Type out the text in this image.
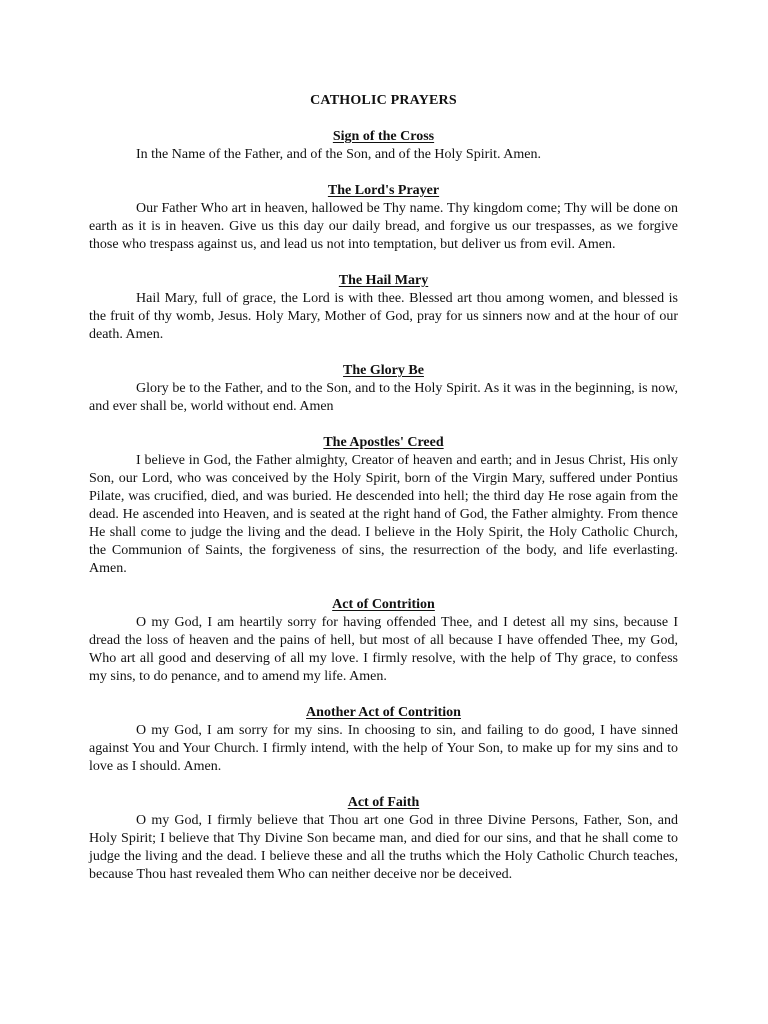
CATHOLIC PRAYERS
Sign of the Cross

In the Name of the Father, and of the Son, and of the Holy Spirit. Amen.

The Lord's Prayer

Our Father Who art in heaven, hallowed be Thy name. Thy kingdom come; Thy will be done on earth as it is in heaven. Give us this day our daily bread, and forgive us our trespasses, as we forgive those who trespass against us, and lead us not into temptation, but deliver us from evil. Amen.

The Hail Mary

Hail Mary, full of grace, the Lord is with thee. Blessed art thou among women, and blessed is the fruit of thy womb, Jesus. Holy Mary, Mother of God, pray for us sinners now and at the hour of our death. Amen.

The Glory Be

Glory be to the Father, and to the Son, and to the Holy Spirit. As it was in the beginning, is now, and ever shall be, world without end. Amen

The Apostles' Creed

I believe in God, the Father almighty, Creator of heaven and earth; and in Jesus Christ, His only Son, our Lord, who was conceived by the Holy Spirit, born of the Virgin Mary, suffered under Pontius Pilate, was crucified, died, and was buried. He descended into hell; the third day He rose again from the dead. He ascended into Heaven, and is seated at the right hand of God, the Father almighty. From thence He shall come to judge the living and the dead. I believe in the Holy Spirit, the Holy Catholic Church, the Communion of Saints, the forgiveness of sins, the resurrection of the body, and life everlasting. Amen.

Act of Contrition

O my God, I am heartily sorry for having offended Thee, and I detest all my sins, because I dread the loss of heaven and the pains of hell, but most of all because I have offended Thee, my God, Who art all good and deserving of all my love. I firmly resolve, with the help of Thy grace, to confess my sins, to do penance, and to amend my life. Amen.

Another Act of Contrition

O my God, I am sorry for my sins. In choosing to sin, and failing to do good, I have sinned against You and Your Church. I firmly intend, with the help of Your Son, to make up for my sins and to love as I should. Amen.

Act of Faith

O my God, I firmly believe that Thou art one God in three Divine Persons, Father, Son, and Holy Spirit; I believe that Thy Divine Son became man, and died for our sins, and that he shall come to judge the living and the dead. I believe these and all the truths which the Holy Catholic Church teaches, because Thou hast revealed them Who can neither deceive nor be deceived.
